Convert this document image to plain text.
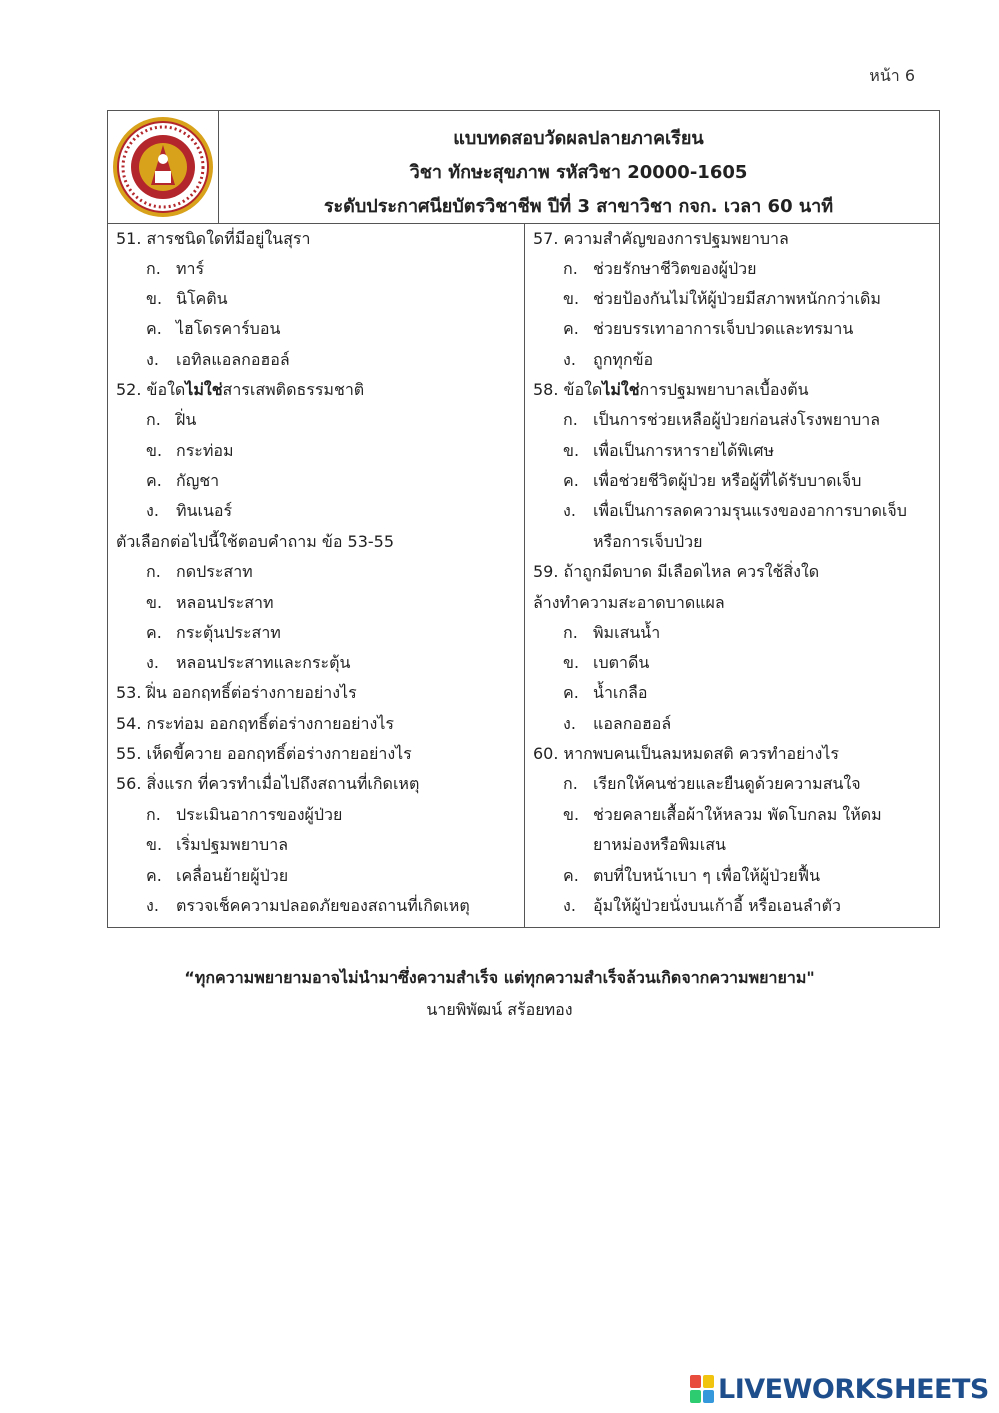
หน้า 6
แบบทดสอบวัดผลปลายภาคเรียน
วิชา ทักษะสุขภาพ รหัสวิชา 20000-1605
ระดับประกาศนียบัตรวิชาชีพ ปีที่ 3 สาขาวิชา กจก. เวลา 60 นาที
51. สารชนิดใดที่มีอยู่ในสุรา
ก. ทาร์
ข. นิโคติน
ค. ไฮโดรคาร์บอน
ง. เอทิลแอลกอฮอล์
52. ข้อใดไม่ใช่สารเสพติดธรรมชาติ
ก. ฝิ่น
ข. กระท่อม
ค. กัญชา
ง. ทินเนอร์
ตัวเลือกต่อไปนี้ใช้ตอบคำถาม ข้อ 53-55
ก. กดประสาท
ข. หลอนประสาท
ค. กระตุ้นประสาท
ง. หลอนประสาทและกระตุ้น
53. ฝิ่น ออกฤทธิ์ต่อร่างกายอย่างไร
54. กระท่อม ออกฤทธิ์ต่อร่างกายอย่างไร
55. เห็ดขี้ควาย ออกฤทธิ์ต่อร่างกายอย่างไร
56. สิ่งแรก ที่ควรทำเมื่อไปถึงสถานที่เกิดเหตุ
ก. ประเมินอาการของผู้ป่วย
ข. เริ่มปฐมพยาบาล
ค. เคลื่อนย้ายผู้ป่วย
ง. ตรวจเช็คความปลอดภัยของสถานที่เกิดเหตุ
57. ความสำคัญของการปฐมพยาบาล
ก. ช่วยรักษาชีวิตของผู้ป่วย
ข. ช่วยป้องกันไม่ให้ผู้ป่วยมีสภาพหนักกว่าเดิม
ค. ช่วยบรรเทาอาการเจ็บปวดและทรมาน
ง. ถูกทุกข้อ
58. ข้อใดไม่ใช่การปฐมพยาบาลเบื้องต้น
ก. เป็นการช่วยเหลือผู้ป่วยก่อนส่งโรงพยาบาล
ข. เพื่อเป็นการหารายได้พิเศษ
ค. เพื่อช่วยชีวิตผู้ป่วย หรือผู้ที่ได้รับบาดเจ็บ
ง. เพื่อเป็นการลดความรุนแรงของอาการบาดเจ็บ
หรือการเจ็บป่วย
59. ถ้าถูกมีดบาด มีเลือดไหล ควรใช้สิ่งใด
ล้างทำความสะอาดบาดแผล
ก. พิมเสนน้ำ
ข. เบตาดีน
ค. น้ำเกลือ
ง. แอลกอฮอล์
60. หากพบคนเป็นลมหมดสติ ควรทำอย่างไร
ก. เรียกให้คนช่วยและยืนดูด้วยความสนใจ
ข. ช่วยคลายเสื้อผ้าให้หลวม พัดโบกลม ให้ดม
ยาหม่องหรือพิมเสน
ค. ตบที่ใบหน้าเบา ๆ เพื่อให้ผู้ป่วยฟื้น
ง. อุ้มให้ผู้ป่วยนั่งบนเก้าอี้ หรือเอนลำตัว
“ทุกความพยายามอาจไม่นำมาซึ่งความสำเร็จ แต่ทุกความสำเร็จล้วนเกิดจากความพยายาม"
นายพิพัฒน์ สร้อยทอง
LIVEWORKSHEETS
